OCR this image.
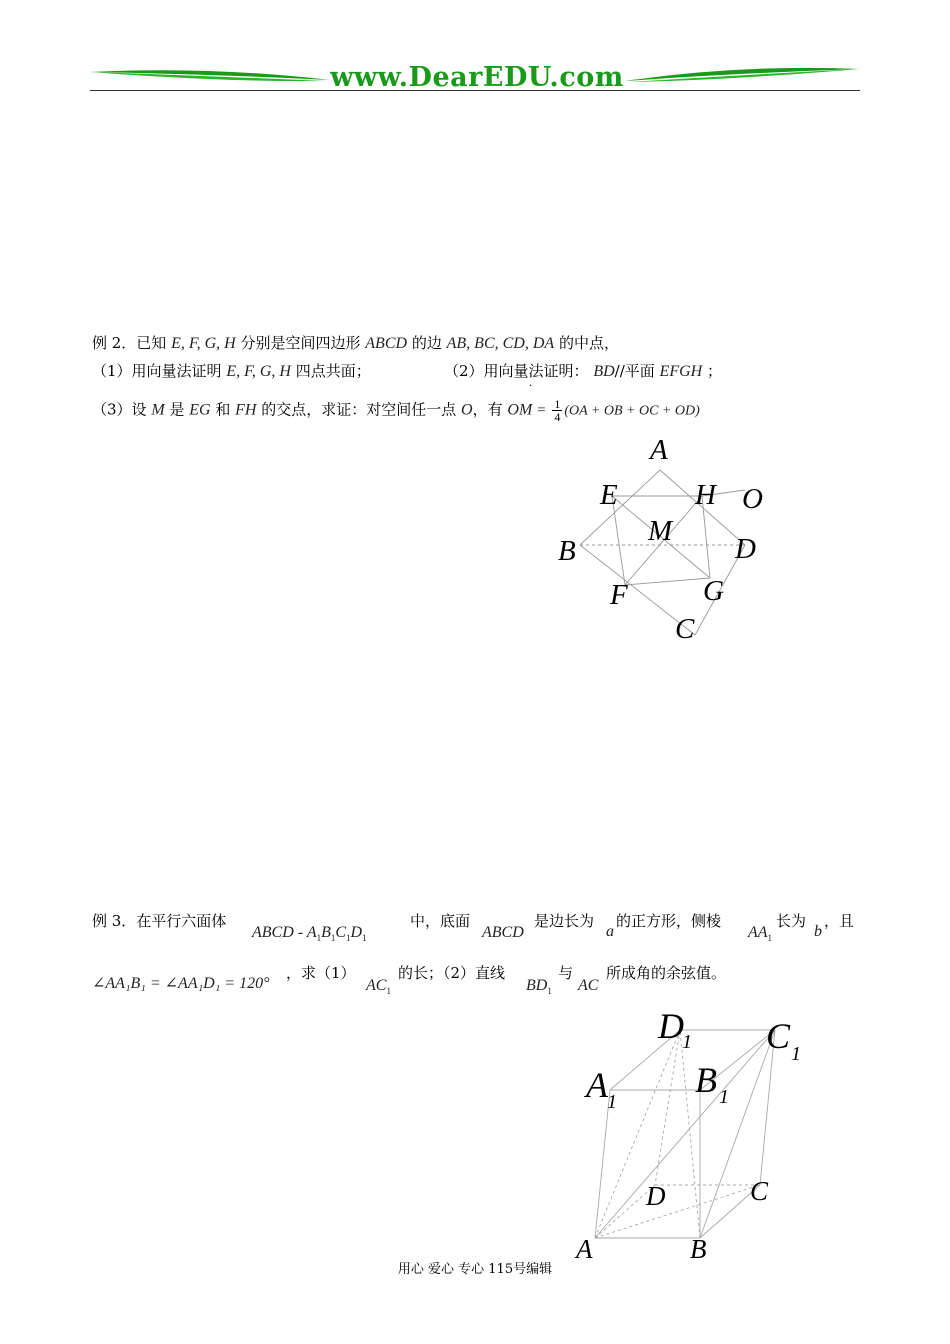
www.DearEDU.com
例 2．已知 E, F, G, H 分别是空间四边形 ABCD 的边 AB, BC, CD, DA 的中点，
（1）用向量法证明 E, F, G, H 四点共面；	（2）用向量法证明： BD//平面 EFGH ；
·
（3）设 M 是 EG 和 FH 的交点，求证：对空间任一点 O，有 OM = $\frac{1}{4} (OA$ + OB + OC + OD)
A
E	H O
M
B	D
F	G
C
例 3．在平行六面体
ABCD - $A_1B_1C_1D_1$
中，底面
ABCD
是边长为
a
的正方形，侧棱
$AA_1$
长为
b
，且
∠AA₁B₁ = ∠AA₁D₁ = 120°
，求（1）
$AC_1$
的长；（2）直线
$BD_1$
与
AC
所成角的余弦值。
D
1 C 1
A 1
B 1
D	C
A	B
用心 爱心 专心 115号编辑
